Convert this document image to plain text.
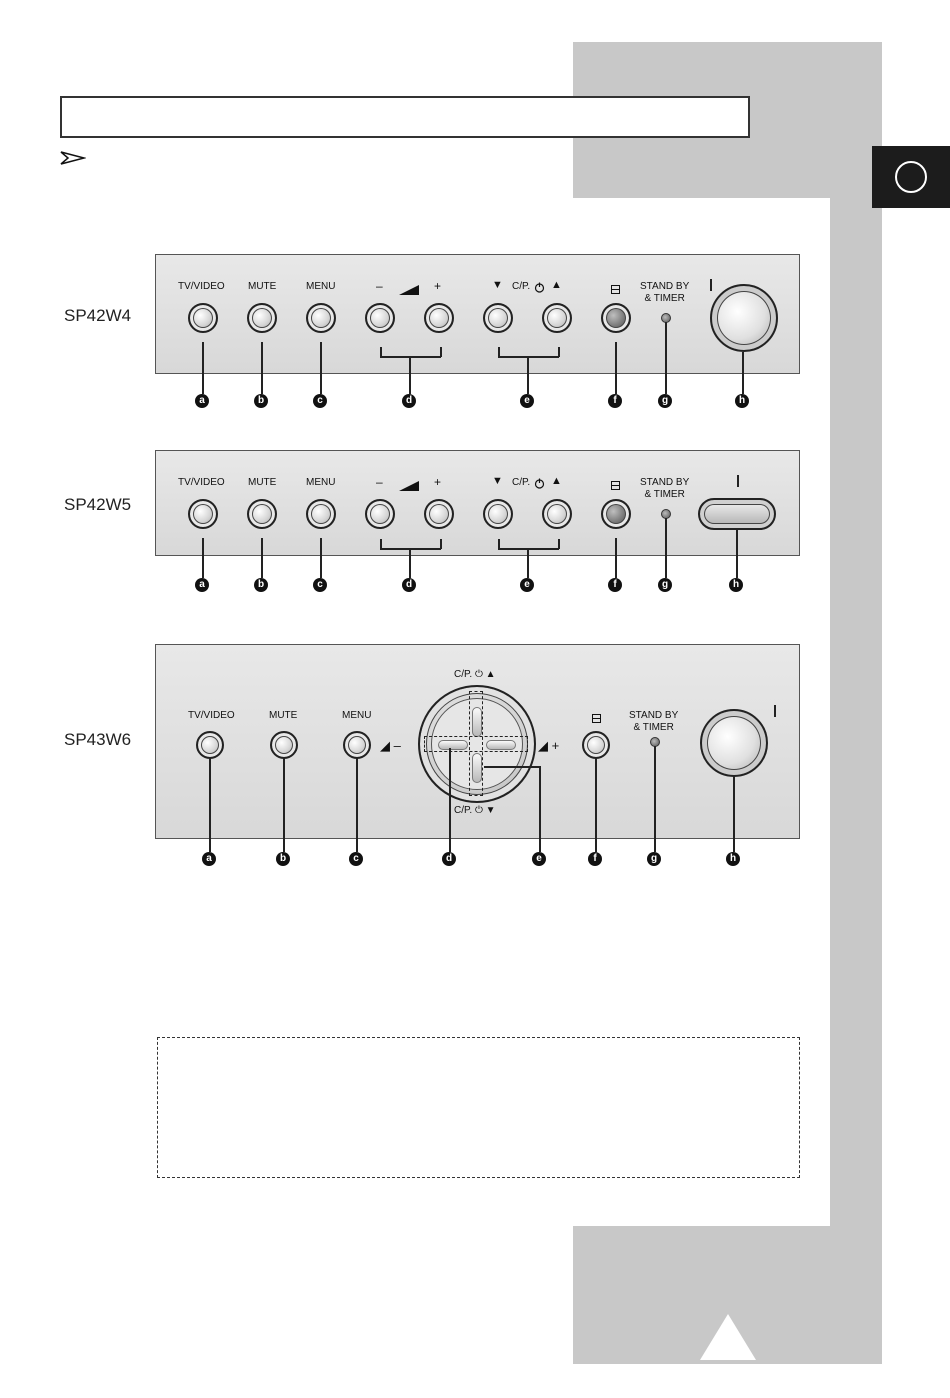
SP42W4
TV/VIDEO MUTE	MENU	–	+	▼ C/P. ▲	STAND BY
& TIMER
a	b	c	d	e	f	g	h
SP42W5
TV/VIDEO MUTE	MENU	–	+	▼ C/P. ▲	STAND BY
& TIMER
a	b	c	d	e	f	g	h
SP43W6
TV/VIDEO	MUTE	MENU
C/P. ⏻ ▲
C/P. ⏻ ▼
◢ –	◢ +
STAND BY
& TIMER
a	b	c	d	e	f	g	h
